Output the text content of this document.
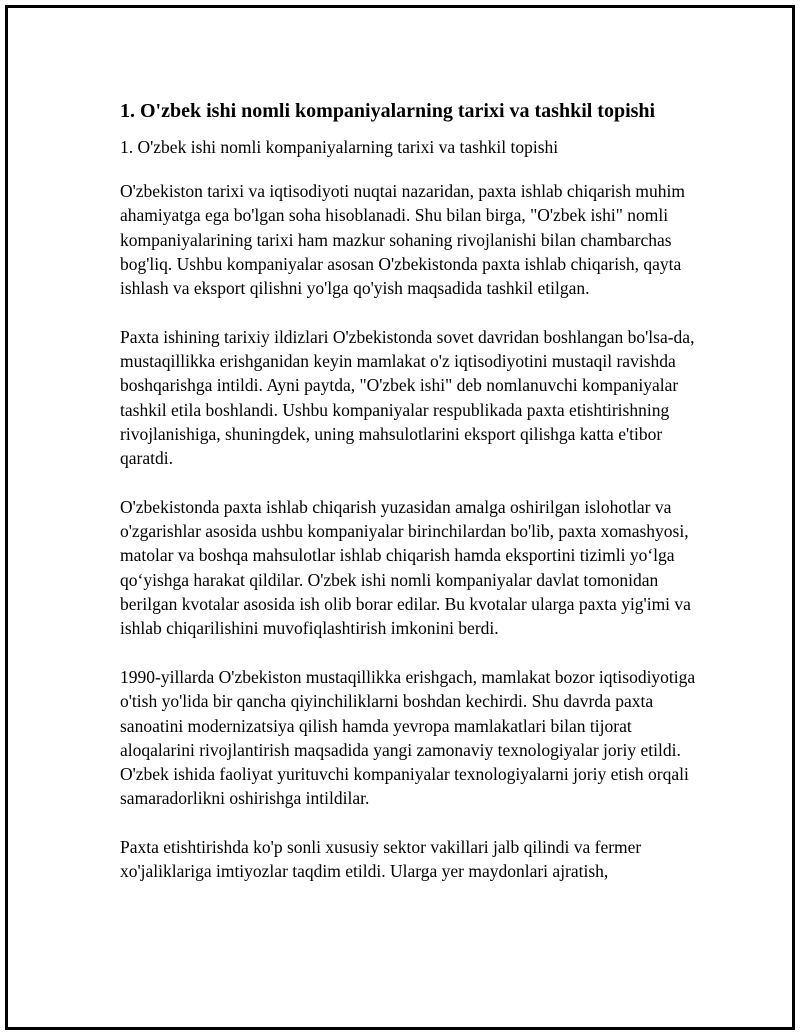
1. O'zbek ishi nomli kompaniyalarning tarixi va tashkil topishi

1. O'zbek ishi nomli kompaniyalarning tarixi va tashkil topishi

O'zbekiston tarixi va iqtisodiyoti nuqtai nazaridan, paxta ishlab chiqarish muhim ahamiyatga ega bo'lgan soha hisoblanadi. Shu bilan birga, "O'zbek ishi" nomli kompaniyalarining tarixi ham mazkur sohaning rivojlanishi bilan chambarchas bog'liq. Ushbu kompaniyalar asosan O'zbekistonda paxta ishlab chiqarish, qayta ishlash va eksport qilishni yo'lga qo'yish maqsadida tashkil etilgan.

Paxta ishining tarixiy ildizlari O'zbekistonda sovet davridan boshlangan bo'lsa-da, mustaqillikka erishganidan keyin mamlakat o'z iqtisodiyotini mustaqil ravishda boshqarishga intildi. Ayni paytda, "O'zbek ishi" deb nomlanuvchi kompaniyalar tashkil etila boshlandi. Ushbu kompaniyalar respublikada paxta etishtirishning rivojlanishiga, shuningdek, uning mahsulotlarini eksport qilishga katta e'tibor qaratdi.

O'zbekistonda paxta ishlab chiqarish yuzasidan amalga oshirilgan islohotlar va o'zgarishlar asosida ushbu kompaniyalar birinchilardan bo'lib, paxta xomashyosi, matolar va boshqa mahsulotlar ishlab chiqarish hamda eksportini tizimli yo‘lga qo‘yishga harakat qildilar. O'zbek ishi nomli kompaniyalar davlat tomonidan berilgan kvotalar asosida ish olib borar edilar. Bu kvotalar ularga paxta yig'imi va ishlab chiqarilishini muvofiqlashtirish imkonini berdi.

1990-yillarda O'zbekiston mustaqillikka erishgach, mamlakat bozor iqtisodiyotiga o'tish yo'lida bir qancha qiyinchiliklarni boshdan kechirdi. Shu davrda paxta sanoatini modernizatsiya qilish hamda yevropa mamlakatlari bilan tijorat aloqalarini rivojlantirish maqsadida yangi zamonaviy texnologiyalar joriy etildi. O'zbek ishida faoliyat yurituvchi kompaniyalar texnologiyalarni joriy etish orqali samaradorlikni oshirishga intildilar.

Paxta etishtirishda ko'p sonli xususiy sektor vakillari jalb qilindi va fermer xo'jaliklariga imtiyozlar taqdim etildi. Ularga yer maydonlari ajratish,
